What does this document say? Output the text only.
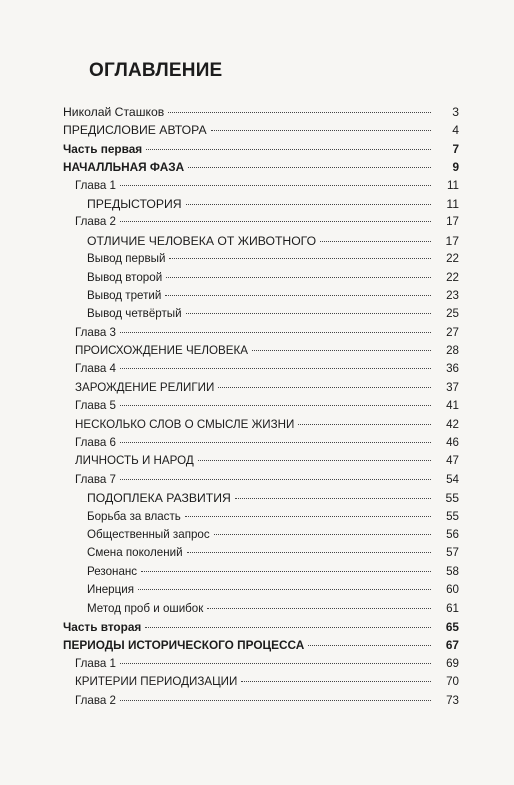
ОГЛАВЛЕНИЕ
Николай Сташков	3
ПРЕДИСЛОВИЕ АВТОРА	4
Часть первая	7
НАЧАЛЛЬНАЯ ФАЗА	9
Глава 1	11
ПРЕДЫСТОРИЯ	11
Глава 2	17
ОТЛИЧИЕ ЧЕЛОВЕКА ОТ ЖИВОТНОГО	17
Вывод первый	22
Вывод второй	22
Вывод третий	23
Вывод четвёртый	25
Глава 3	27
ПРОИСХОЖДЕНИЕ ЧЕЛОВЕКА	28
Глава 4	36
ЗАРОЖДЕНИЕ РЕЛИГИИ	37
Глава 5	41
НЕСКОЛЬКО СЛОВ О СМЫСЛЕ ЖИЗНИ	42
Глава 6	46
ЛИЧНОСТЬ И НАРОД	47
Глава 7	54
ПОДОПЛЕКА РАЗВИТИЯ	55
Борьба за власть	55
Общественный запрос	56
Смена поколений	57
Резонанс	58
Инерция	60
Метод проб и ошибок	61
Часть вторая	65
ПЕРИОДЫ ИСТОРИЧЕСКОГО ПРОЦЕССА	67
Глава 1	69
КРИТЕРИИ ПЕРИОДИЗАЦИИ	70
Глава 2	73
